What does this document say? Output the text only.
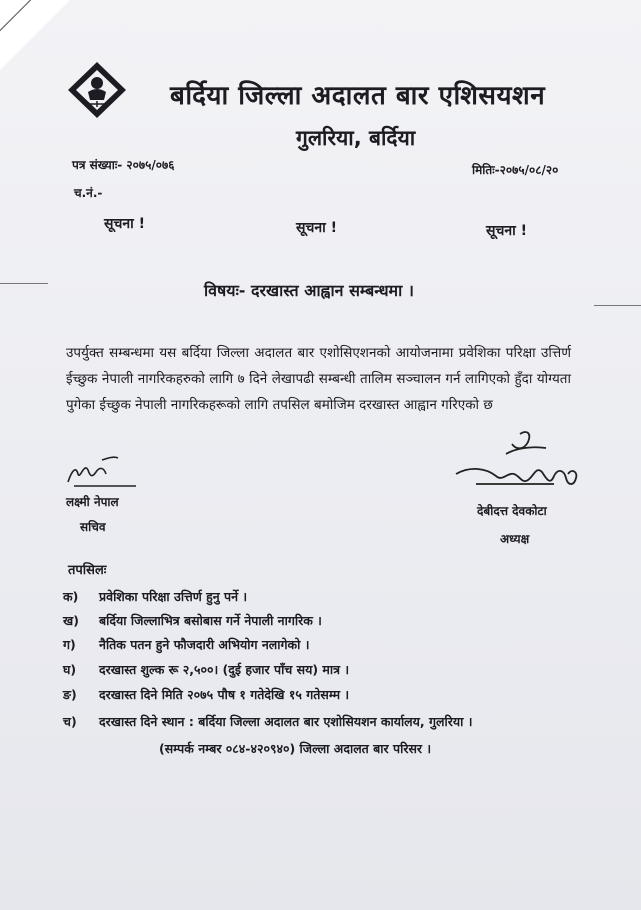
बर्दिया जिल्ला अदालत बार एशिसयशन
गुलरिया, बर्दिया
पत्र संख्याः- २०७५/०७६	मितिः-२०७५/०८/२०
च.नं.-
सूचना !	सूचना !	सूचना !
विषयः- दरखास्त आह्वान सम्बन्धमा ।
उपर्युक्त सम्बन्धमा यस बर्दिया जिल्ला अदालत बार एशोसिएशनको आयोजनामा प्रवेशिका परिक्षा उत्तिर्ण ईच्छुक नेपाली नागरिकहरुको लागि ७ दिने लेखापढी सम्बन्धी तालिम सञ्चालन गर्न लागिएको हुँदा योग्यता पुगेका ईच्छुक नेपाली नागरिकहरूको लागि तपसिल बमोजिम दरखास्त आह्वान गरिएको छ
लक्ष्मी नेपाल
सचिव
देबीदत्त देवकोटा
अध्यक्ष
तपसिलः
क) प्रवेशिका परिक्षा उत्तिर्ण हुनु पर्ने ।
ख) बर्दिया जिल्लाभित्र बसोबास गर्ने नेपाली नागरिक ।
ग) नैतिक पतन हुने फौजदारी अभियोग नलागेको ।
घ) दरखास्त शुल्क रू २,५००। (दुई हजार पाँच सय) मात्र ।
ङ) दरखास्त दिने मिति २०७५ पौष १ गतेदेखि १५ गतेसम्म ।
च) दरखास्त दिने स्थान : बर्दिया जिल्ला अदालत बार एशोसियशन कार्यालय, गुलरिया ।
(सम्पर्क नम्बर ०८४-४२०९४०) जिल्ला अदालत बार परिसर ।
